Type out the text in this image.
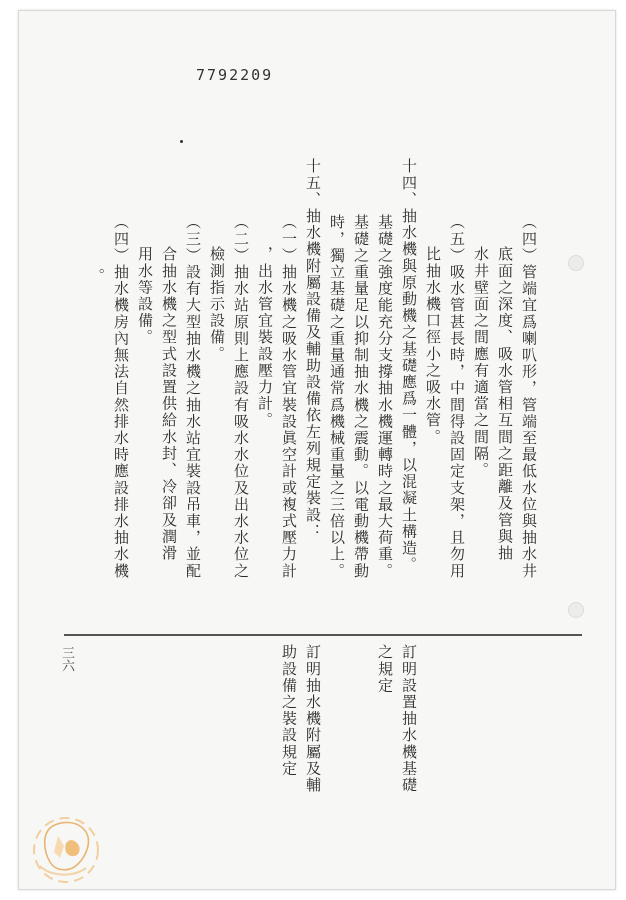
7792209
（四）管端宜爲喇叭形，管端至最低水位與抽水井
底面之深度、吸水管相互間之距離及管與抽
水井壁面之間應有適當之間隔。
（五）吸水管甚長時，中間得設固定支架，且勿用
比抽水機口徑小之吸水管。
十四、抽水機與原動機之基礎應爲一體，以混凝土構造。
基礎之強度能充分支撐抽水機運轉時之最大荷重。
基礎之重量足以抑制抽水機之震動。以電動機帶動
時，獨立基礎之重量通常爲機械重量之三倍以上。
十五、抽水機附屬設備及輔助設備依左列規定裝設：
（一）抽水機之吸水管宜裝設眞空計或複式壓力計
，出水管宜裝設壓力計。
（二）抽水站原則上應設有吸水水位及出水水位之
檢測指示設備。
（三）設有大型抽水機之抽水站宜裝設吊車，並配
合抽水機之型式設置供給水封、冷卻及潤滑
用水等設備。
（四）抽水機房內無法自然排水時應設排水抽水機
。
訂明設置抽水機基礎
之規定
訂明抽水機附屬及輔
助設備之裝設規定
三六
